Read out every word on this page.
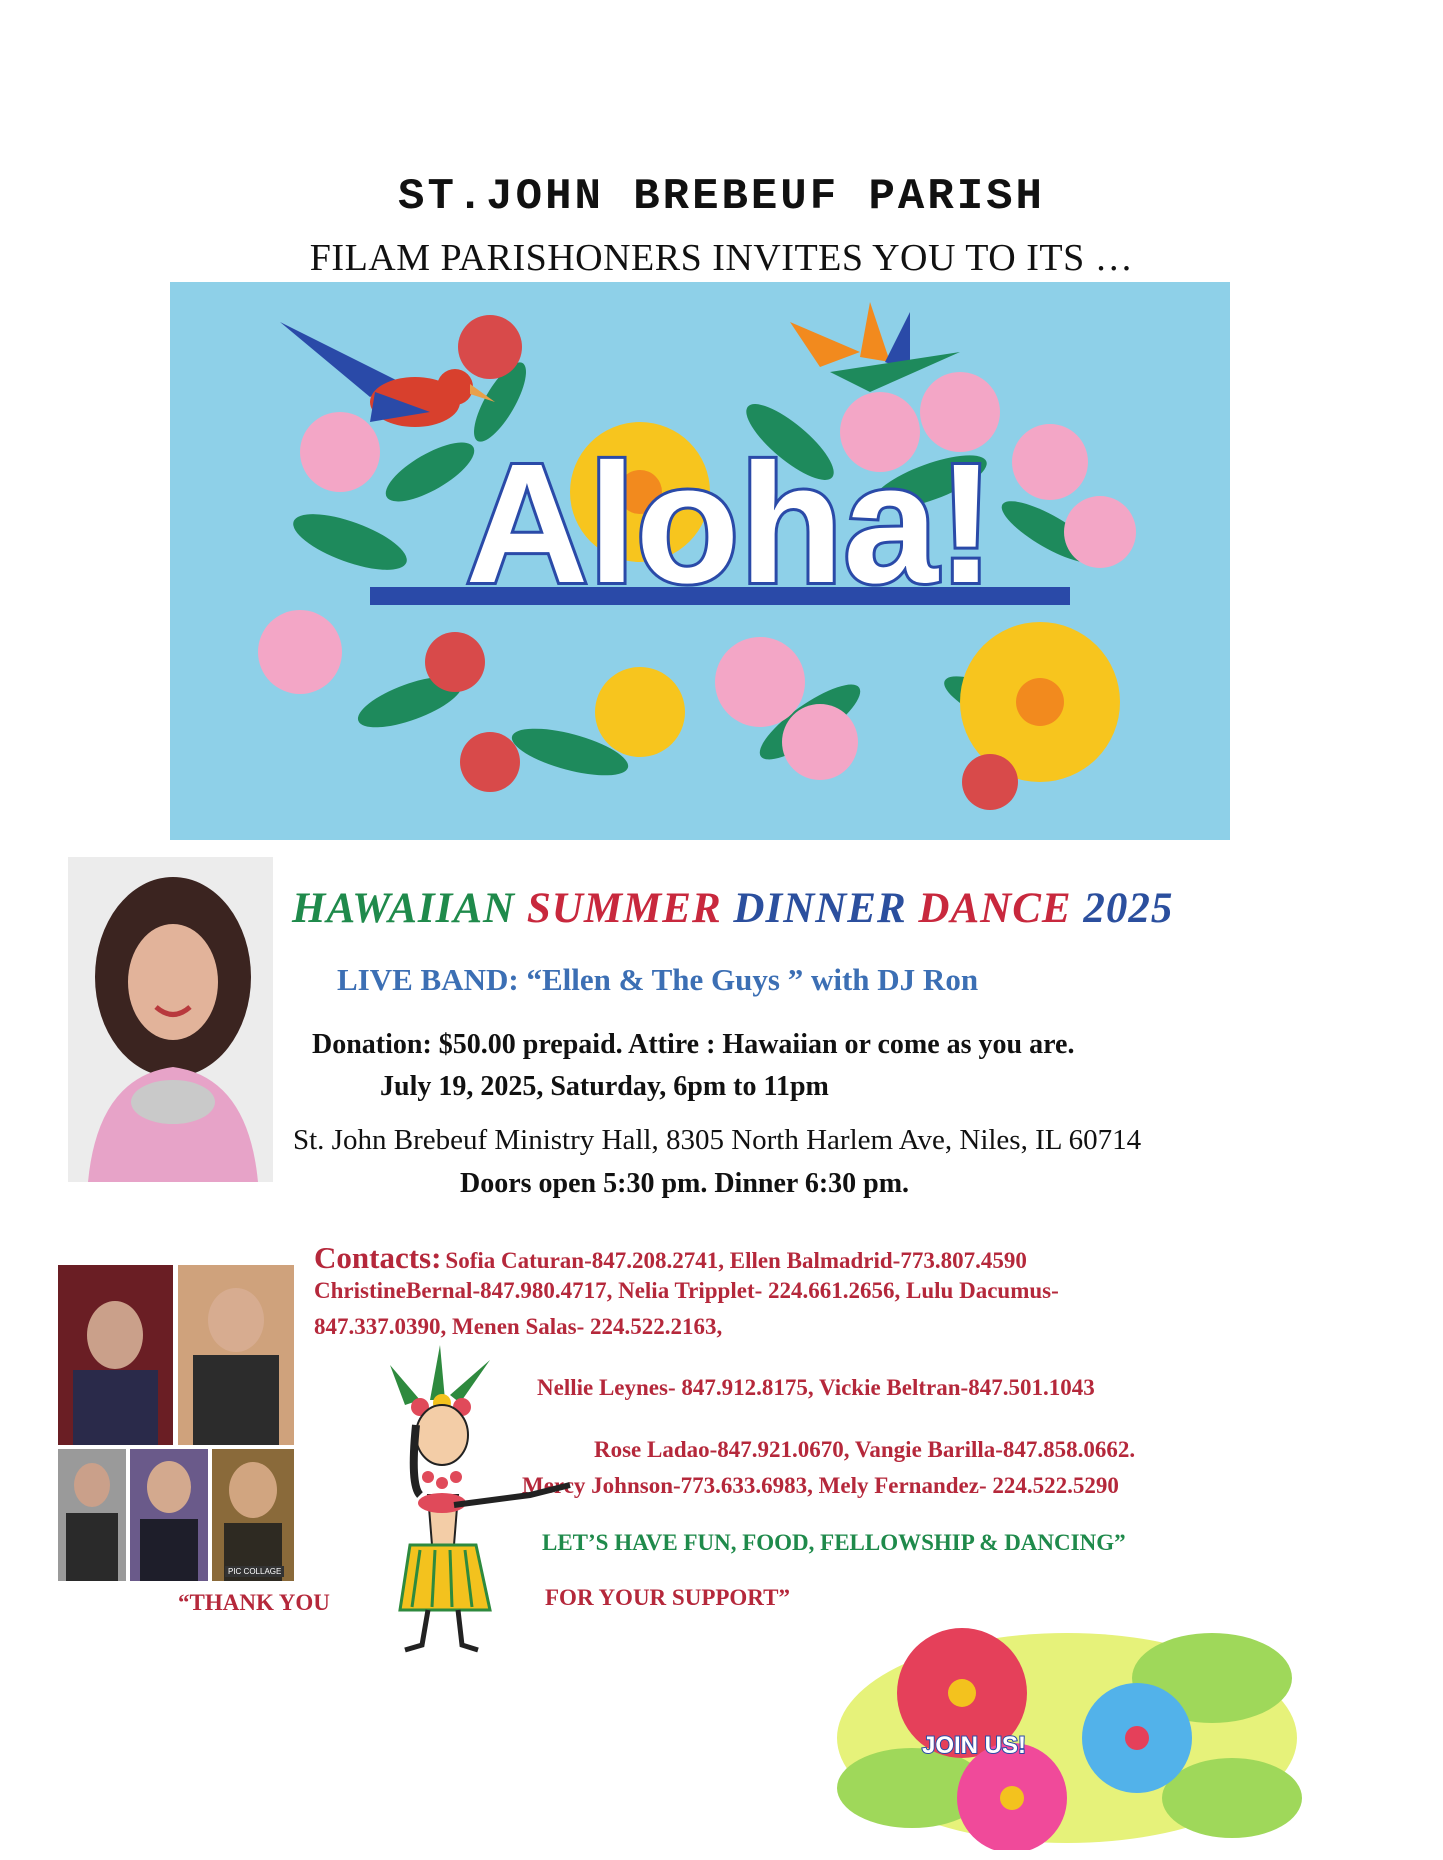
ST.JOHN BREBEUF PARISH
FILAM PARISHONERS INVITES YOU TO ITS …
Aloha!
HAWAIIAN SUMMER DINNER DANCE 2025
LIVE BAND: “Ellen & The Guys ” with DJ Ron
Donation: $50.00 prepaid. Attire : Hawaiian or come as you are.
July 19, 2025, Saturday, 6pm to 11pm
St. John Brebeuf Ministry Hall, 8305 North Harlem Ave, Niles, IL 60714
Doors open 5:30 pm. Dinner 6:30 pm.
Contacts: Sofia Caturan-847.208.2741, Ellen Balmadrid-773.807.4590
ChristineBernal-847.980.4717, Nelia Tripplet- 224.661.2656, Lulu Dacumus-
847.337.0390, Menen Salas- 224.522.2163,
Nellie Leynes- 847.912.8175, Vickie Beltran-847.501.1043
Rose Ladao-847.921.0670, Vangie Barilla-847.858.0662.
Mercy Johnson-773.633.6983, Mely Fernandez- 224.522.5290
PIC COLLAGE
LET’S HAVE FUN, FOOD, FELLOWSHIP & DANCING”
“THANK YOU	FOR YOUR SUPPORT”
JOIN US!
